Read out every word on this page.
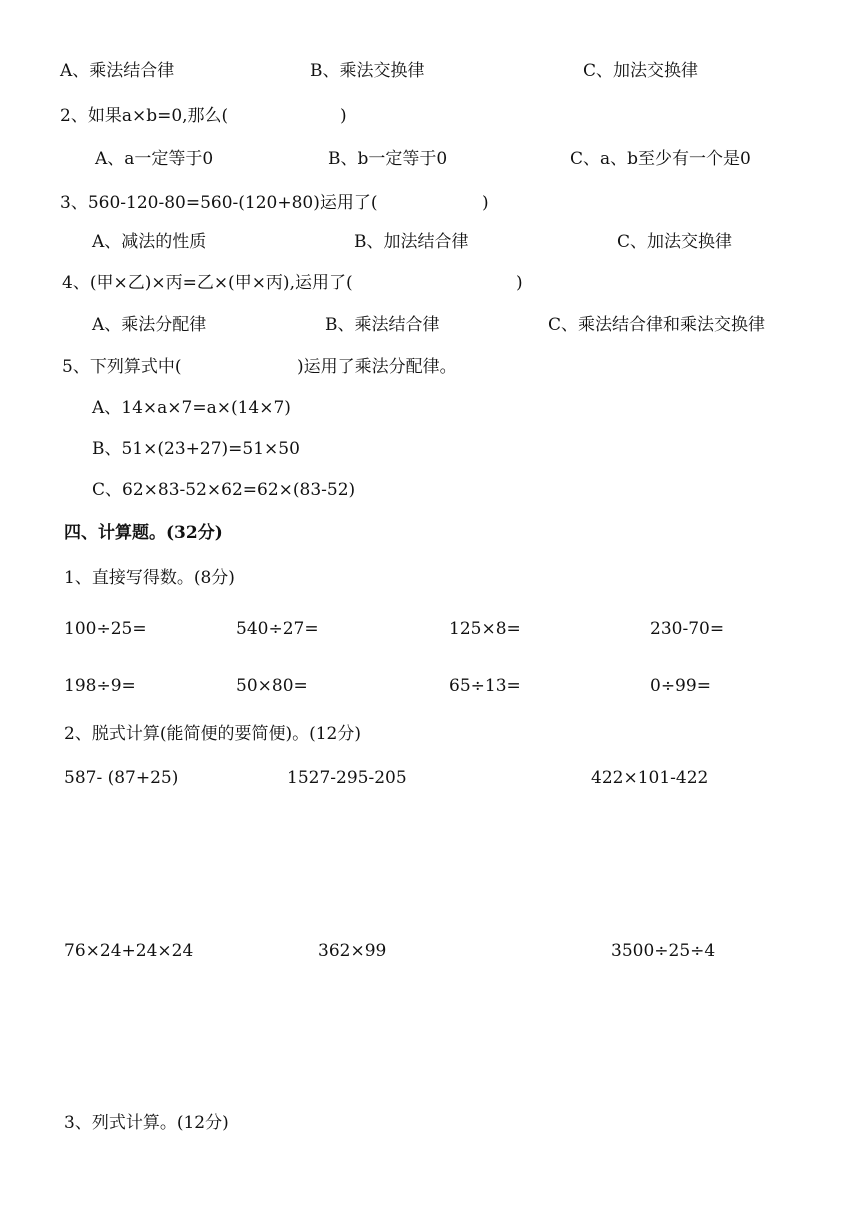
A、乘法结合律	B、乘法交换律	C、加法交换律
2、如果a×b=0,那么(	)
A、a一定等于0	B、b一定等于0	C、a、b至少有一个是0
3、560-120-80=560-(120+80)运用了(	)
A、减法的性质	B、加法结合律	C、加法交换律
4、(甲×乙)×丙=乙×(甲×丙),运用了(	)
A、乘法分配律	B、乘法结合律	C、乘法结合律和乘法交换律
5、下列算式中(	)运用了乘法分配律。
A、14×a×7=a×(14×7)
B、51×(23+27)=51×50
C、62×83-52×62=62×(83-52)
四、计算题。(32分)
1、直接写得数。(8分)
100÷25=	540÷27=	125×8=	230-70=
198÷9=	50×80=	65÷13=	0÷99=
2、脱式计算(能简便的要简便)。(12分)
587- (87+25)	1527-295-205	422×101-422
76×24+24×24	362×99	3500÷25÷4
3、列式计算。(12分)
